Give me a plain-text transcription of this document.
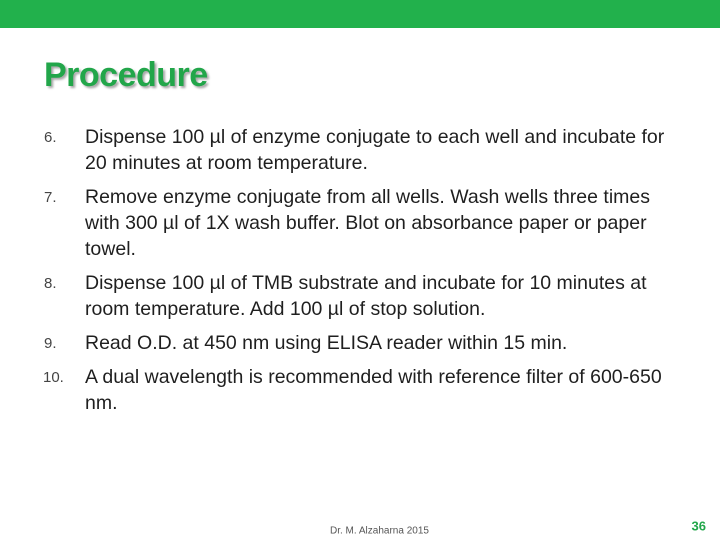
Procedure
6. Dispense 100 µl of enzyme conjugate to each well and incubate for 20 minutes at room temperature.
7. Remove enzyme conjugate from all wells. Wash wells three times with 300 µl of 1X wash buffer. Blot on absorbance paper or paper towel.
8. Dispense 100 µl of TMB substrate and incubate for 10 minutes at room temperature. Add 100 µl of stop solution.
9. Read O.D. at 450 nm using ELISA reader within 15 min.
10. A dual wavelength is recommended with reference filter of 600-650 nm.
Dr. M. Alzaharna 2015	36
